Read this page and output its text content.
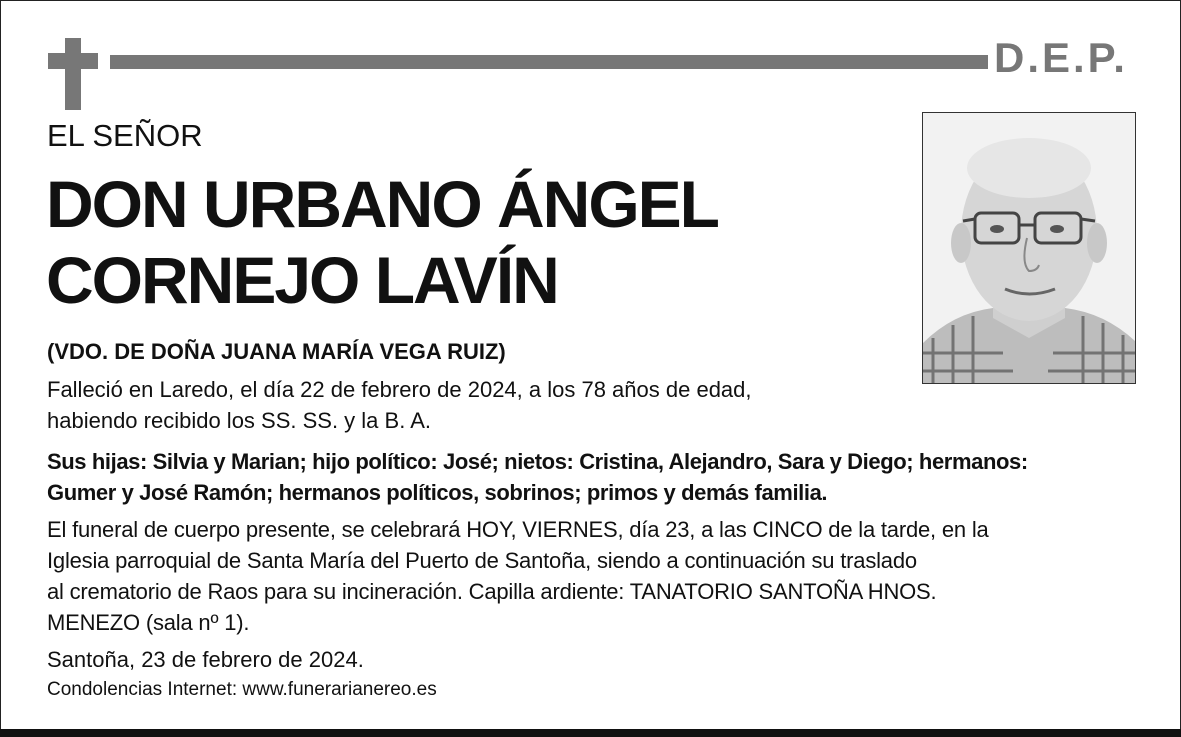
D.E.P.
EL SEÑOR
DON URBANO ÁNGEL
CORNEJO LAVÍN
(VDO. DE DOÑA JUANA MARÍA VEGA RUIZ)
Falleció en Laredo, el día 22 de febrero de 2024, a los 78 años de edad,
habiendo recibido los SS. SS. y la B. A.
Sus hijas: Silvia y Marian; hijo político: José; nietos: Cristina, Alejandro, Sara y Diego; hermanos:
Gumer y José Ramón; hermanos políticos, sobrinos; primos y demás familia.
El funeral de cuerpo presente, se celebrará HOY, VIERNES, día 23, a las CINCO de la tarde, en la
Iglesia parroquial de Santa María del Puerto de Santoña, siendo a continuación su traslado
al crematorio de Raos para su incineración. Capilla ardiente: TANATORIO SANTOÑA HNOS.
MENEZO (sala nº 1).
Santoña, 23 de febrero de 2024.
Condolencias Internet: www.funerarianereo.es
